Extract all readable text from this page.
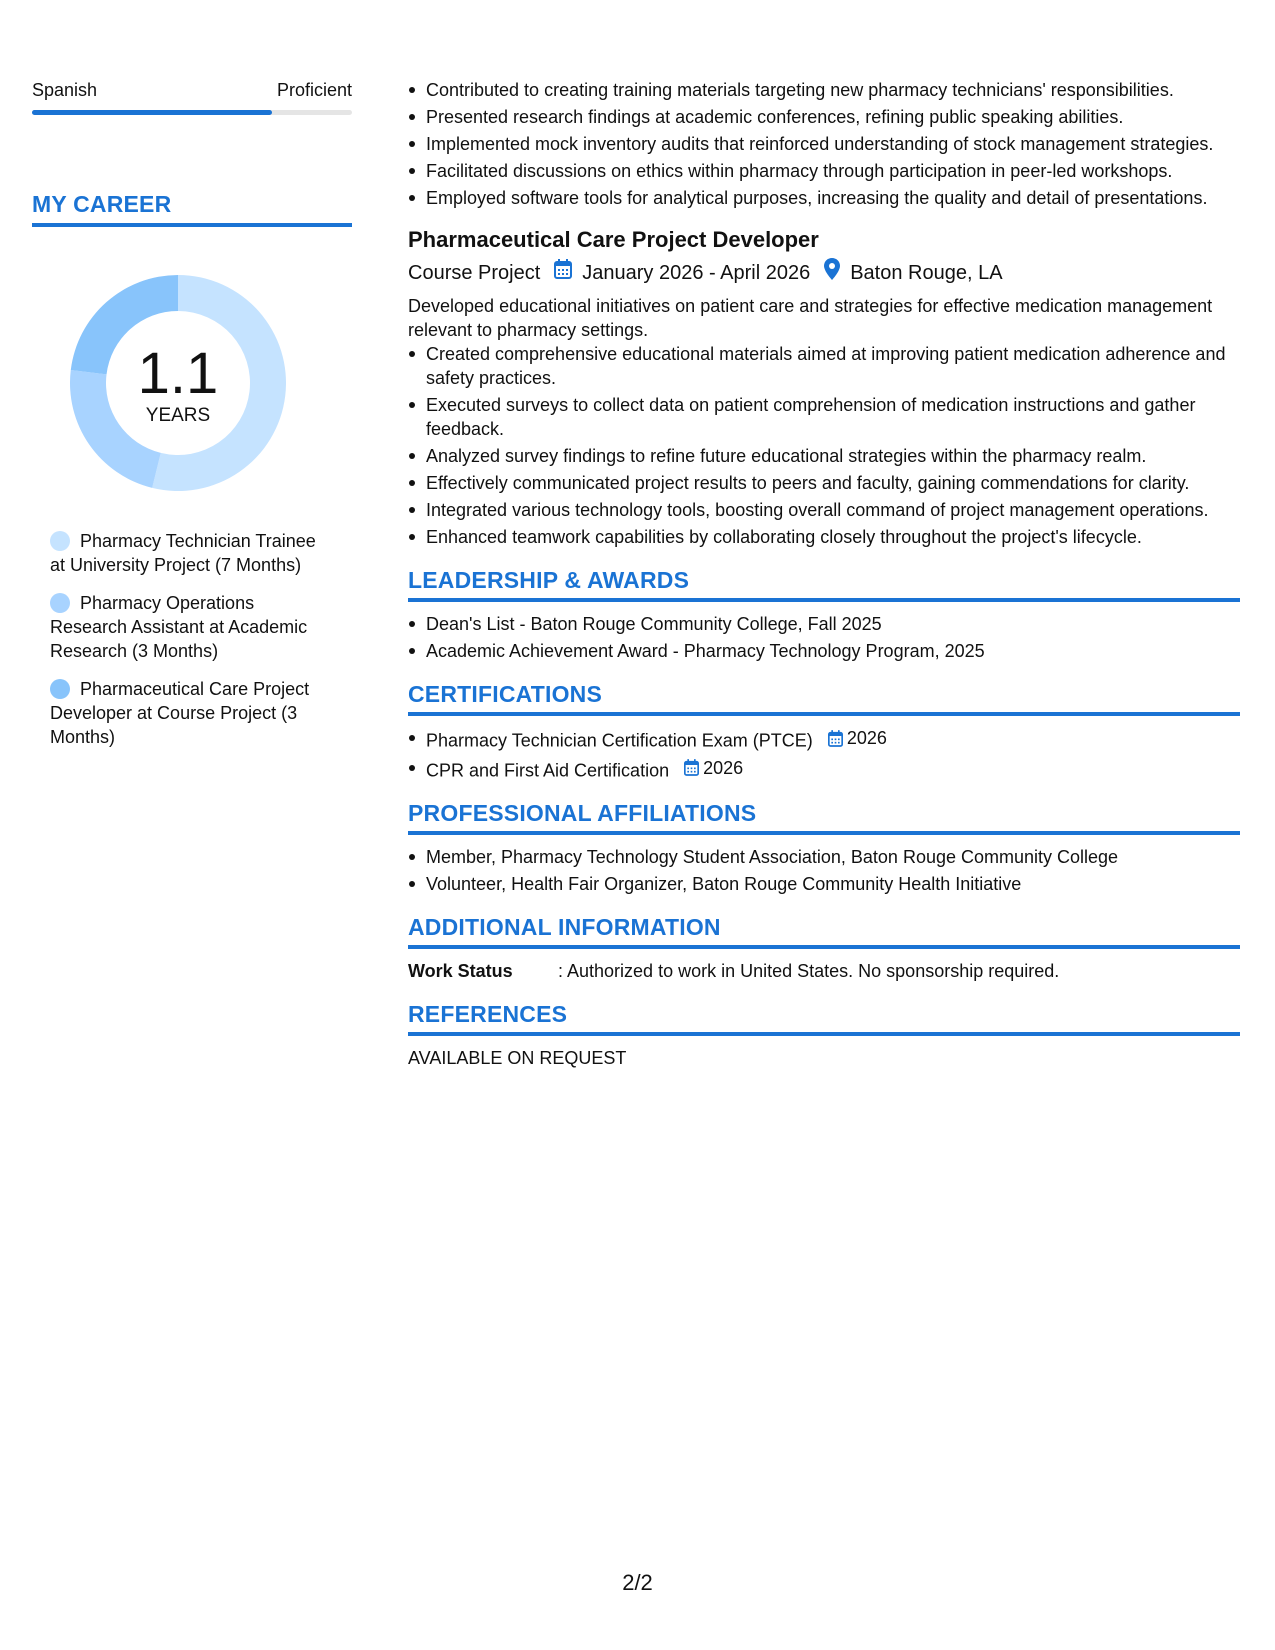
Spanish	Proficient
MY CAREER
1.1
YEARS
Pharmacy Technician Trainee at University Project (7 Months)
Pharmacy Operations Research Assistant at Academic Research (3 Months)
Pharmaceutical Care Project Developer at Course Project (3 Months)
Contributed to creating training materials targeting new pharmacy technicians' responsibilities.
Presented research findings at academic conferences, refining public speaking abilities.
Implemented mock inventory audits that reinforced understanding of stock management strategies.
Facilitated discussions on ethics within pharmacy through participation in peer-led workshops.
Employed software tools for analytical purposes, increasing the quality and detail of presentations.
Pharmaceutical Care Project Developer
Course Project January 2026 - April 2026 Baton Rouge, LA
Developed educational initiatives on patient care and strategies for effective medication management relevant to pharmacy settings.
Created comprehensive educational materials aimed at improving patient medication adherence and safety practices.
Executed surveys to collect data on patient comprehension of medication instructions and gather feedback.
Analyzed survey findings to refine future educational strategies within the pharmacy realm.
Effectively communicated project results to peers and faculty, gaining commendations for clarity.
Integrated various technology tools, boosting overall command of project management operations.
Enhanced teamwork capabilities by collaborating closely throughout the project's lifecycle.
LEADERSHIP & AWARDS
Dean's List - Baton Rouge Community College, Fall 2025
Academic Achievement Award - Pharmacy Technology Program, 2025
CERTIFICATIONS
Pharmacy Technician Certification Exam (PTCE) 2026
CPR and First Aid Certification 2026
PROFESSIONAL AFFILIATIONS
Member, Pharmacy Technology Student Association, Baton Rouge Community College
Volunteer, Health Fair Organizer, Baton Rouge Community Health Initiative
ADDITIONAL INFORMATION
Work Status	: Authorized to work in United States. No sponsorship required.
REFERENCES
AVAILABLE ON REQUEST
2/2
